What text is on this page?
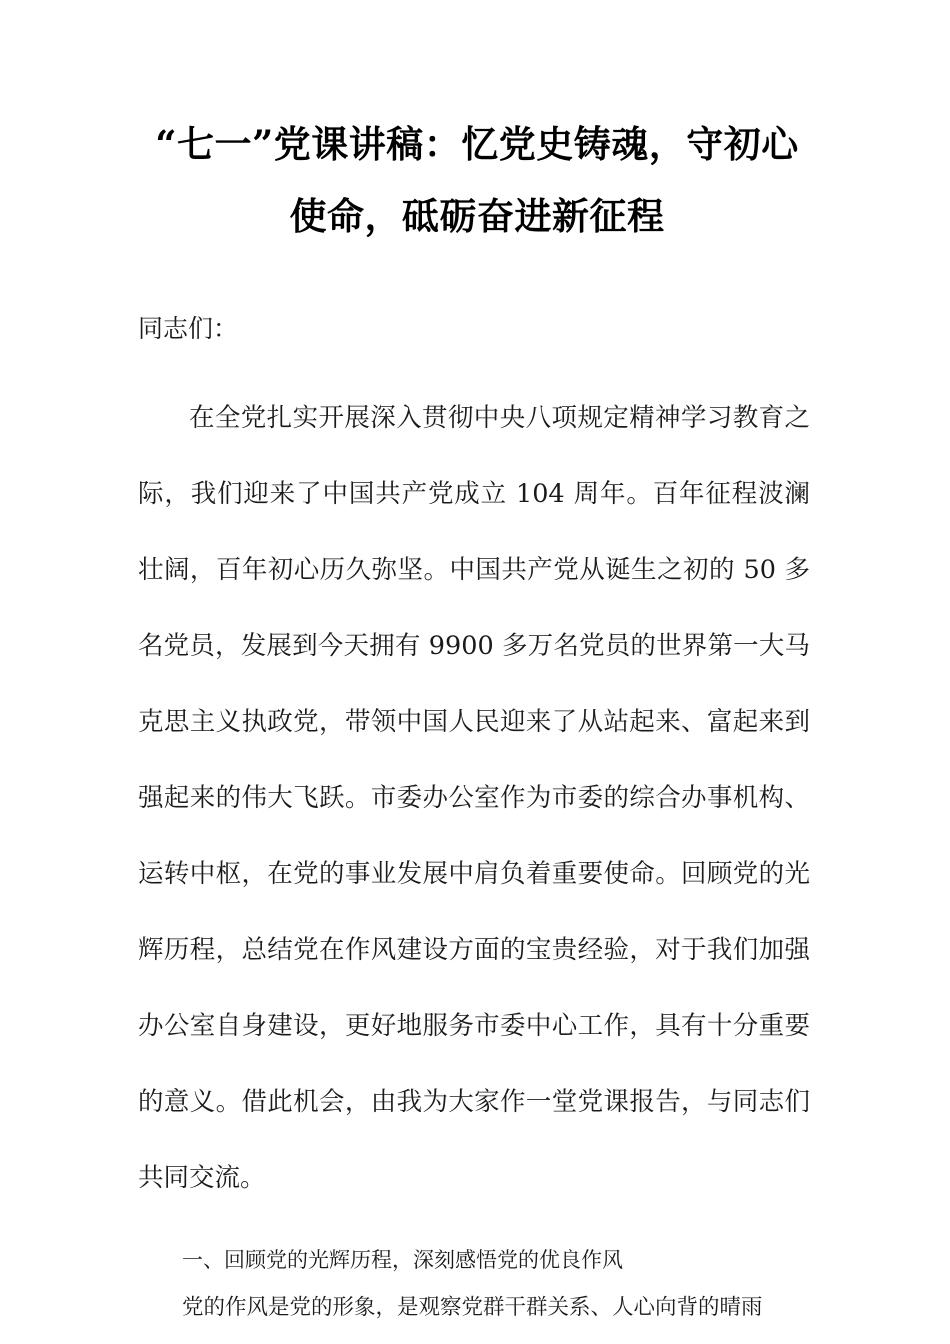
“七一”党课讲稿：忆党史铸魂，守初心
使命，砥砺奋进新征程

同志们：

在全党扎实开展深入贯彻中央八项规定精神学习教育之际，我们迎来了中国共产党成立 104 周年。百年征程波澜壮阔，百年初心历久弥坚。中国共产党从诞生之初的 50 多名党员，发展到今天拥有 9900 多万名党员的世界第一大马克思主义执政党，带领中国人民迎来了从站起来、富起来到强起来的伟大飞跃。市委办公室作为市委的综合办事机构、运转中枢，在党的事业发展中肩负着重要使命。回顾党的光辉历程，总结党在作风建设方面的宝贵经验，对于我们加强办公室自身建设，更好地服务市委中心工作，具有十分重要的意义。借此机会，由我为大家作一堂党课报告，与同志们共同交流。

一、回顾党的光辉历程，深刻感悟党的优良作风

党的作风是党的形象，是观察党群干群关系、人心向背的晴雨
